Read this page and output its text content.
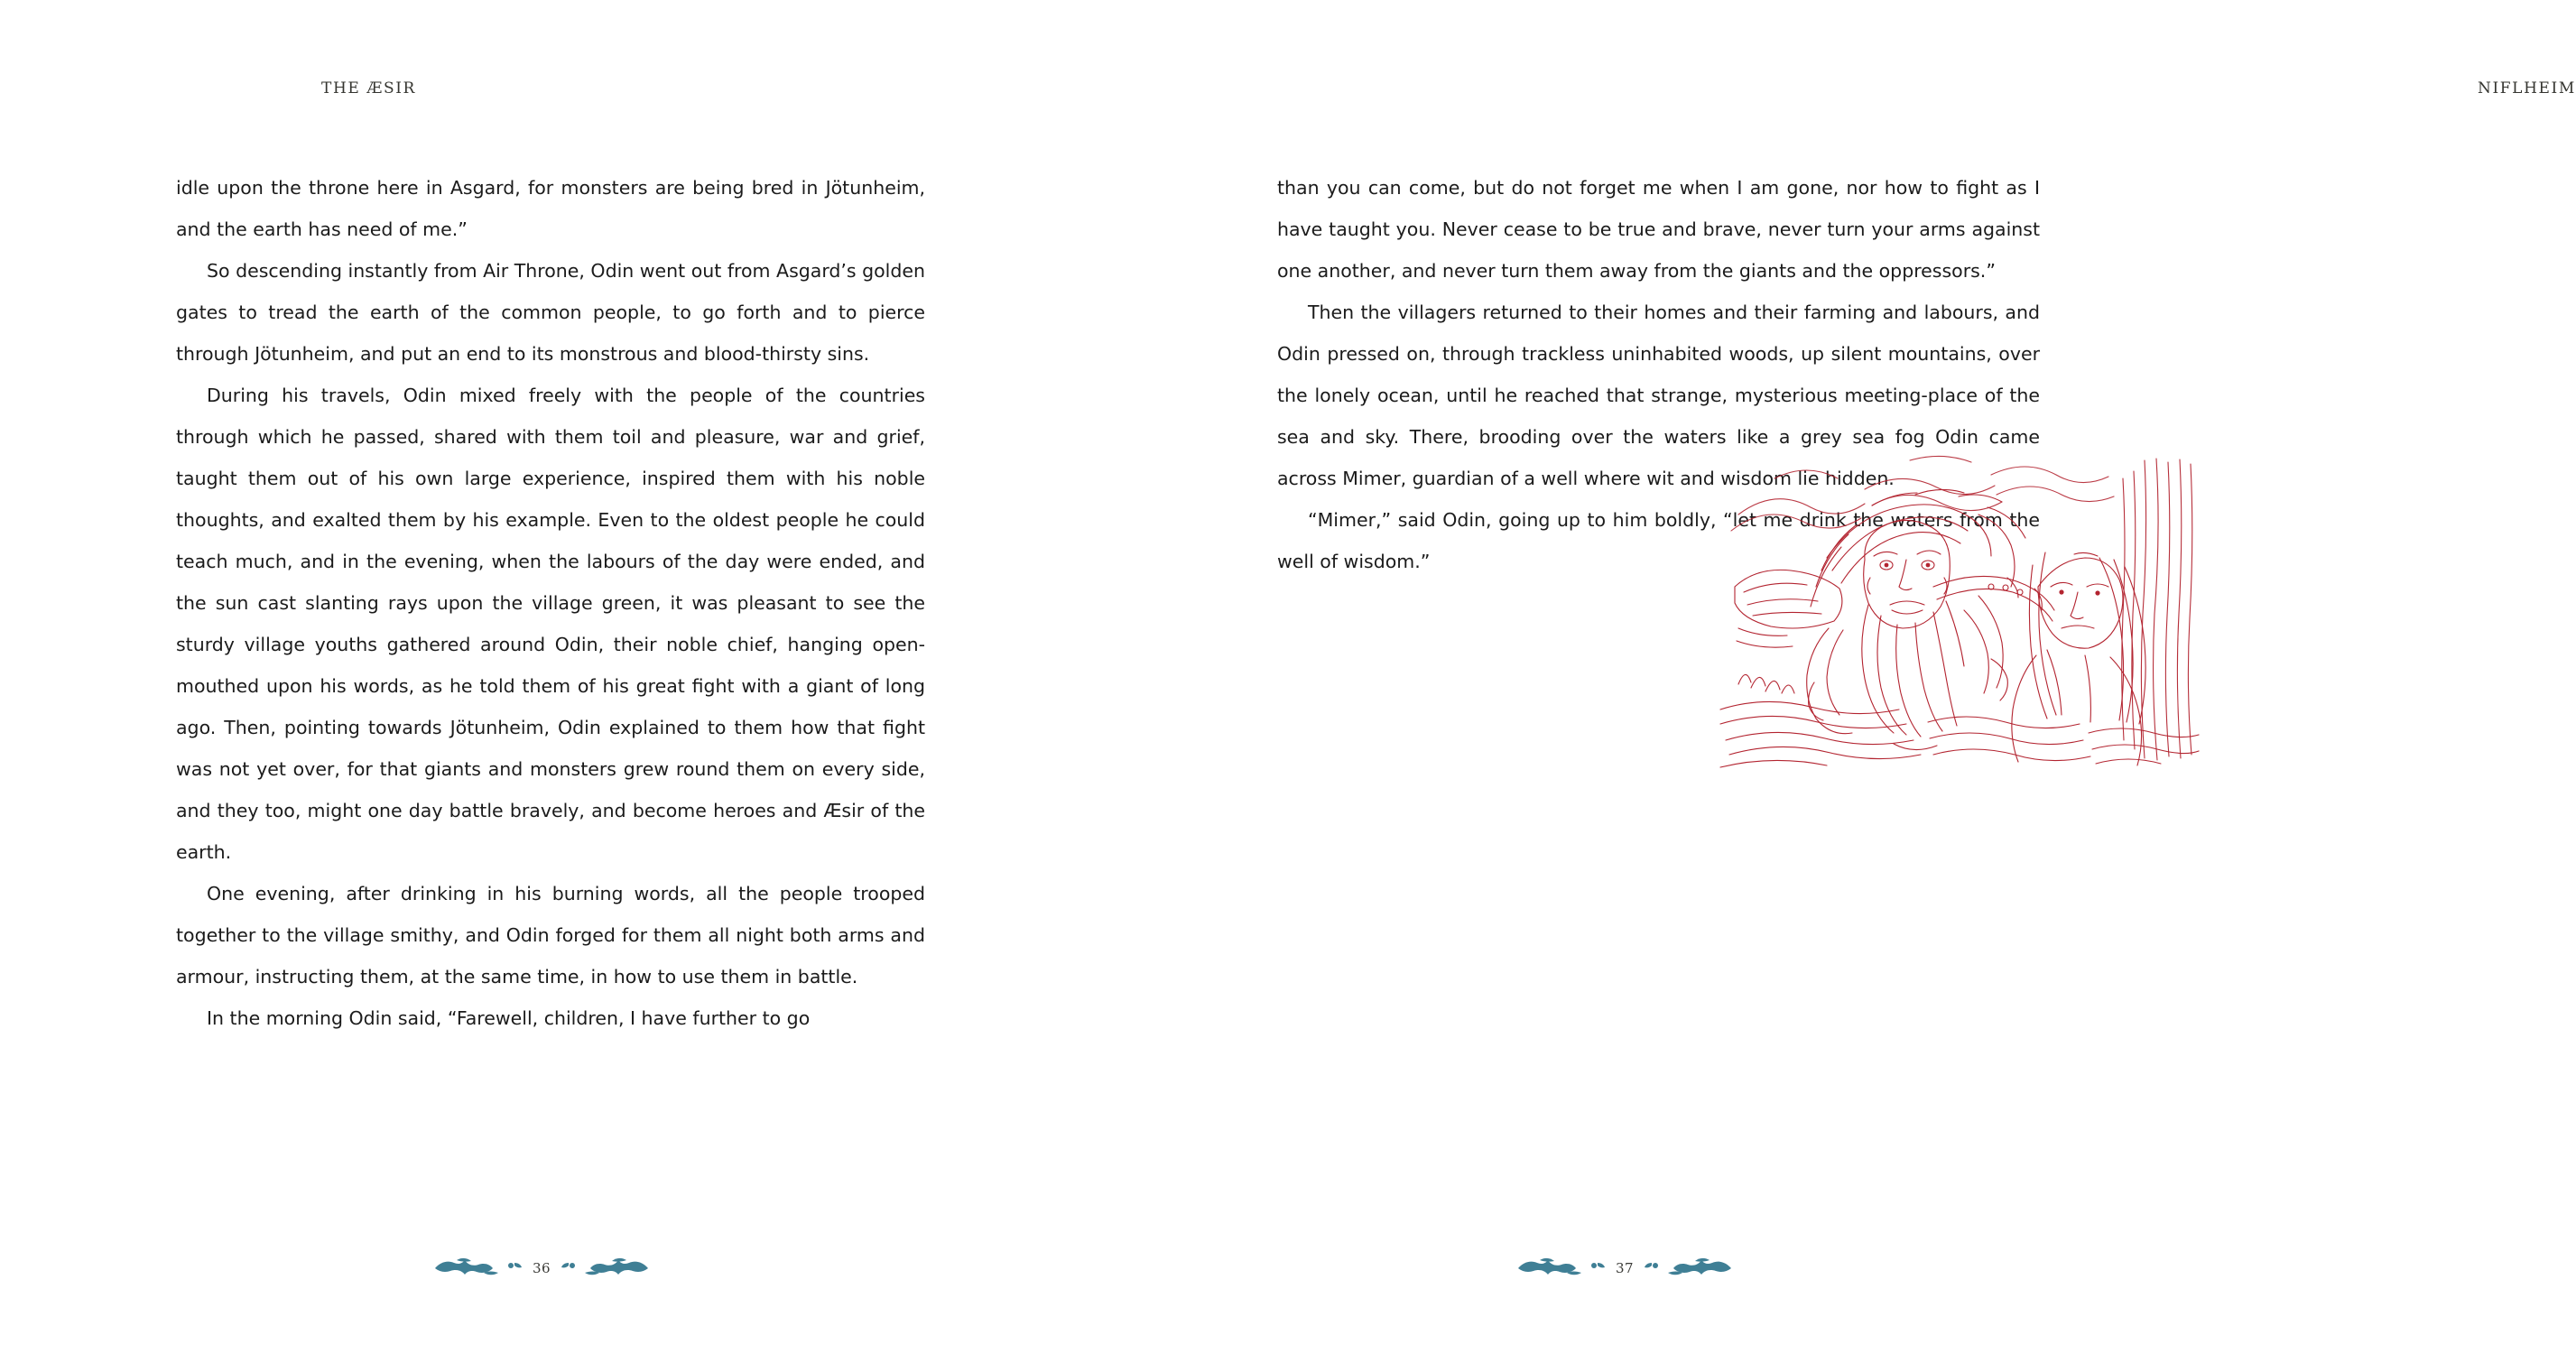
THE ÆSIR

idle upon the throne here in Asgard, for monsters are being bred in Jötunheim, and the earth has need of me.”

So descending instantly from Air Throne, Odin went out from Asgard’s golden gates to tread the earth of the common people, to go forth and to pierce through Jötunheim, and put an end to its monstrous and blood-thirsty sins.

During his travels, Odin mixed freely with the people of the countries through which he passed, shared with them toil and pleasure, war and grief, taught them out of his own large experience, inspired them with his noble thoughts, and exalted them by his example. Even to the oldest people he could teach much, and in the evening, when the labours of the day were ended, and the sun cast slanting rays upon the village green, it was pleasant to see the sturdy village youths gathered around Odin, their noble chief, hanging open-mouthed upon his words, as he told them of his great fight with a giant of long ago. Then, pointing towards Jötunheim, Odin explained to them how that fight was not yet over, for that giants and monsters grew round them on every side, and they too, might one day battle bravely, and become heroes and Æsir of the earth.

One evening, after drinking in his burning words, all the people trooped together to the village smithy, and Odin forged for them all night both arms and armour, instructing them, at the same time, in how to use them in battle.

In the morning Odin said, “Farewell, children, I have further to go

36
NIFLHEIM

than you can come, but do not forget me when I am gone, nor how to fight as I have taught you. Never cease to be true and brave, never turn your arms against one another, and never turn them away from the giants and the oppressors.”

Then the villagers returned to their homes and their farming and labours, and Odin pressed on, through trackless uninhabited woods, up silent mountains, over the lonely ocean, until he reached that strange, mysterious meeting-place of the sea and sky. There, brooding over the waters like a grey sea fog Odin came across Mimer, guardian of a well where wit and wisdom lie hidden.

“Mimer,” said Odin, going up to him boldly, “let me drink the waters from the well of wisdom.”

37
